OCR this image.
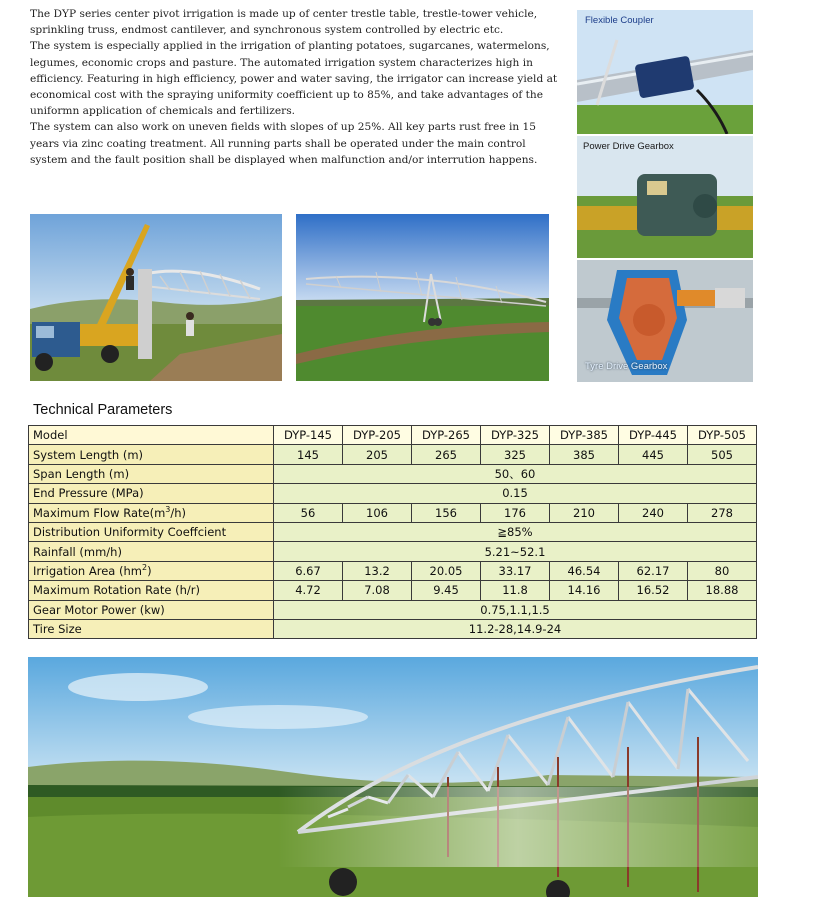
The DYP series center pivot irrigation is made up of center trestle table, trestle-tower vehicle, sprinkling truss, endmost cantilever, and synchronous system controlled by electric etc.

The system is especially applied in the irrigation of planting potatoes, sugarcanes, watermelons, legumes, economic crops and pasture. The automated irrigation system characterizes high in efficiency. Featuring in high efficiency, power and water saving, the irrigator can increase yield at economical cost with the spraying uniformity coefficient up to 85%, and take advantages of the uniformn application of chemicals and fertilizers.

The system can also work on uneven fields with slopes of up 25%. All key parts rust free in 15 years via zinc coating treatment. All running parts shall be operated under the main control system and the fault position shall be displayed when malfunction and/or interrution happens.

Flexible Coupler
Power Drive Gearbox
Tyre Drive Gearbox
Technical Parameters
Model	DYP-145	DYP-205	DYP-265	DYP-325	DYP-385	DYP-445	DYP-505
System Length (m)	145	205	265	325	385	445	505
Span Length (m)	50、60						
End Pressure (MPa)	0.15						
Maximum Flow $Rate(m^3/h)$	56	106	156	176	210	240	278
Distribution Uniformity Coeffcient	≧85%						
Rainfall (mm/h)	5.21~52.1						
Irrigation Area $(hm^2)$	6.67	13.2	20.05	33.17	46.54	62.17	80
Maximum Rotation Rate (h/r)	4.72	7.08	9.45	11.8	14.16	16.52	18.88
Gear Motor Power (kw)	0.75,1.1,1.5						
Tire Size	11.2-28,14.9-24						
